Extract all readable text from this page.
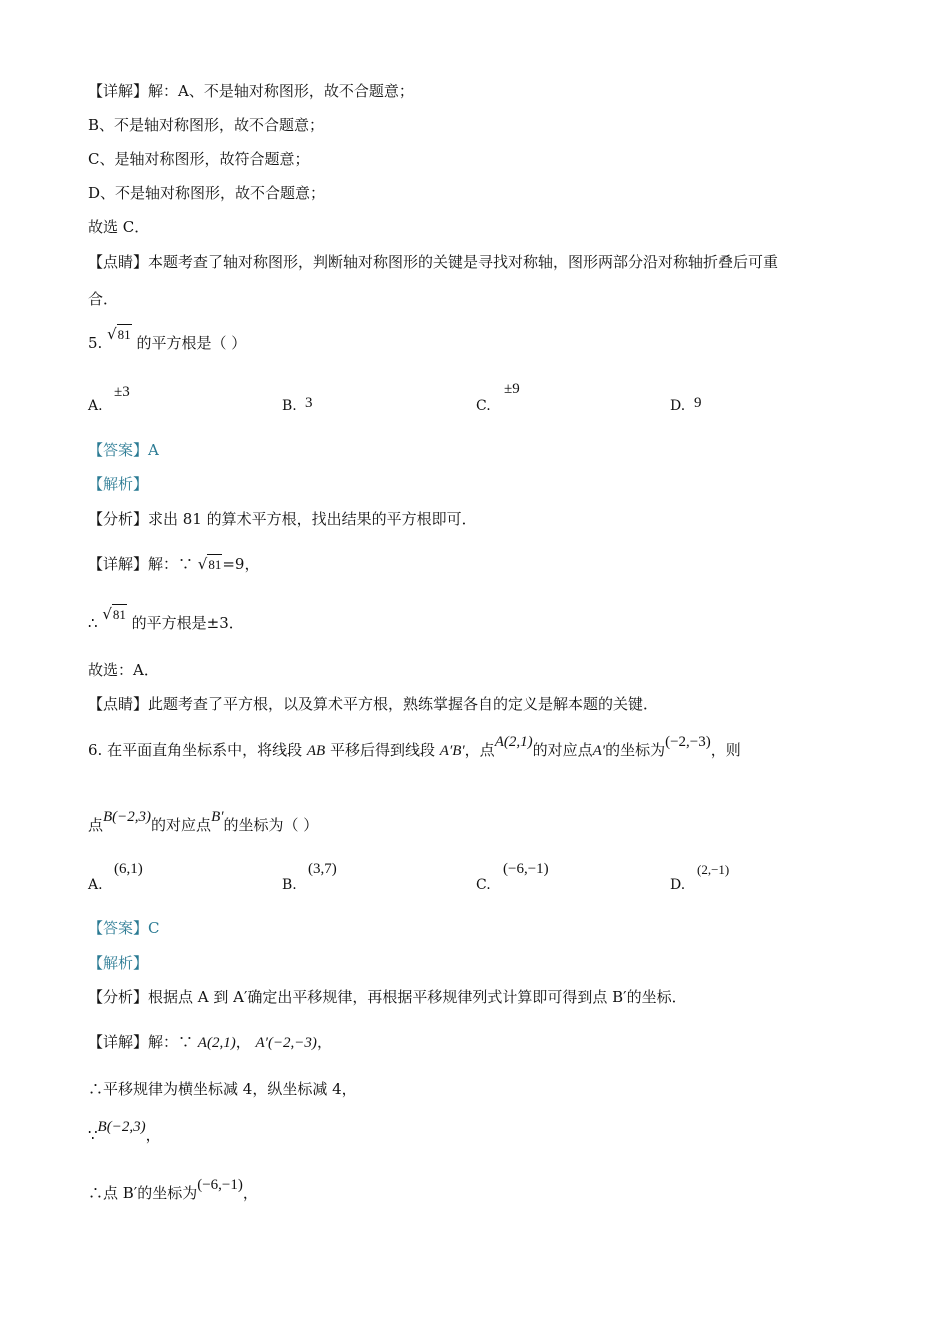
【详解】解：A、不是轴对称图形，故不合题意；
B、不是轴对称图形，故不合题意；
C、是轴对称图形，故符合题意；
D、不是轴对称图形，故不合题意；
故选 C．
【点睛】本题考查了轴对称图形，判断轴对称图形的关键是寻找对称轴，图形两部分沿对称轴折叠后可重
合．
5. √81 的平方根是（ ）
A.
±3
B. 3	C.
±9
D. 9
【答案】A
【解析】
【分析】求出 81 的算术平方根，找出结果的平方根即可．
【详解】解：∵ √81=9，
∴ √81 的平方根是±3．
故选：A．
【点睛】此题考查了平方根，以及算术平方根，熟练掌握各自的定义是解本题的关键．
6. 在平面直角坐标系中，将线段 AB 平移后得到线段 A′B′，点A(2,1)的对应点A′的坐标为(−2,−3)，则
点B(−2,3)的对应点B′的坐标为（ ）
A.
(6,1)
B.
(3,7)
C.
(−6,−1)
D.
(2,−1)
【答案】C
【解析】
【分析】根据点 A 到 A′确定出平移规律，再根据平移规律列式计算即可得到点 B′的坐标．
【详解】解：∵ A(2,1)， A′(−2,−3)，
∴平移规律为横坐标减 4，纵坐标减 4，
∵B(−2,3)，
∴点 B′的坐标为(−6,−1)，
